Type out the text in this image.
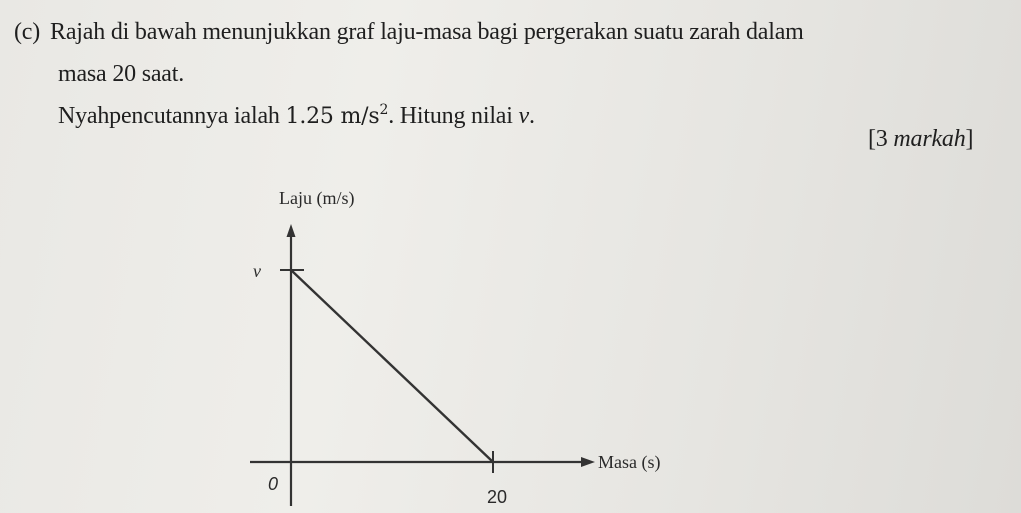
(c) Rajah di bawah menunjukkan graf laju-masa bagi pergerakan suatu zarah dalam
masa 20 saat.
Nyahpencutannya ialah 1.25 $m/s^2$. Hitung nilai v.
[3 markah]
Laju (m/s)
Masa (s)
v
0
20
